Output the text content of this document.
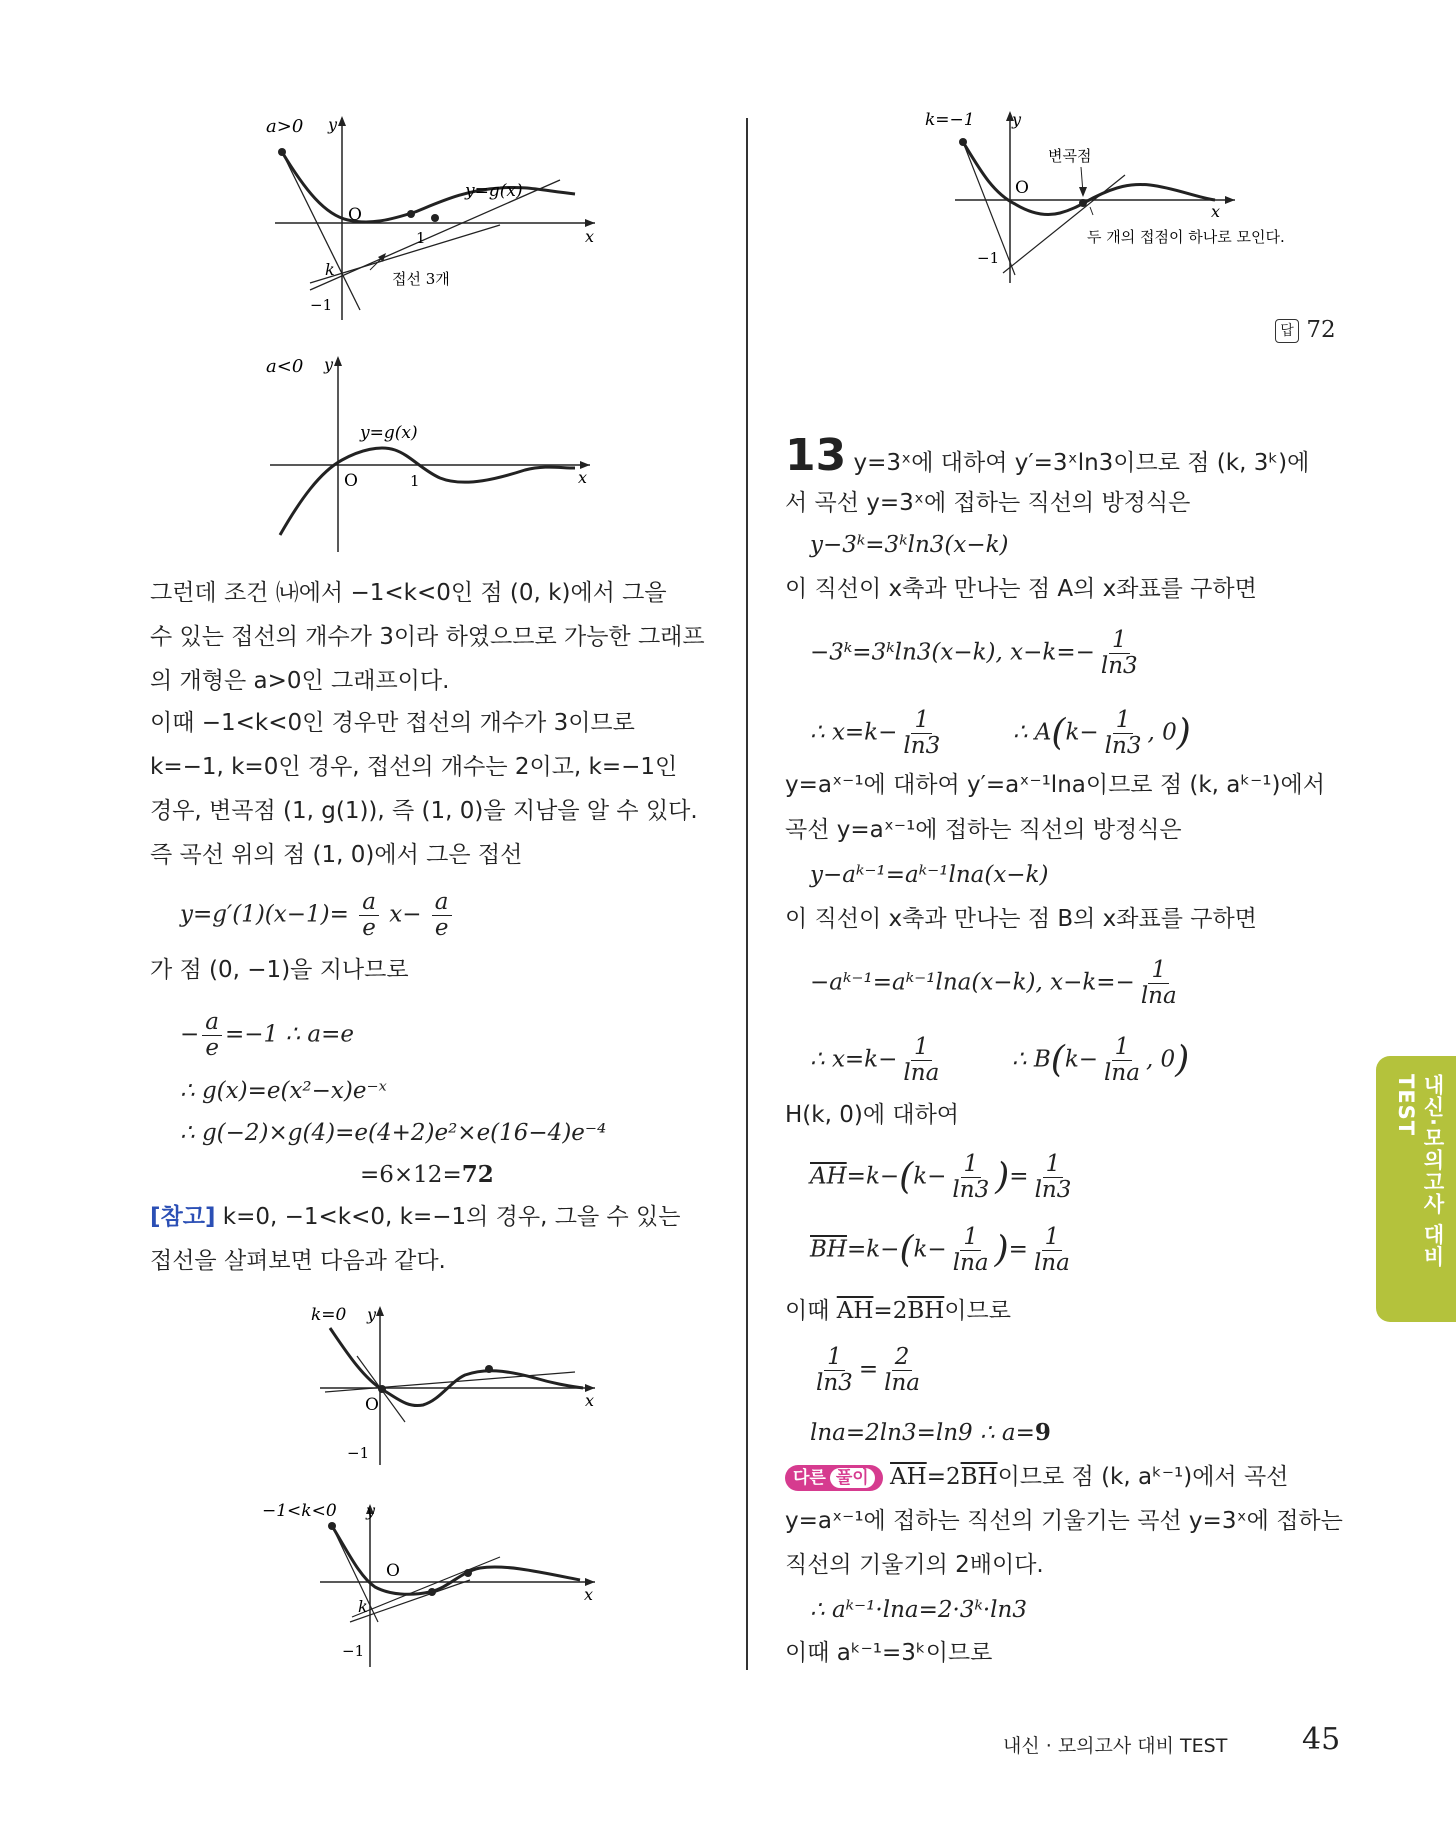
a>0 y
x
O
y=g(x)
1
k
−1
접선 3개
a<0 y
x
O
y=g(x)
1
k=0 y
x
O
−1
−1<k<0 y
x
O
k
−1
그런데 조건 ㈏에서 −1<k<0인 점 (0, k)에서 그을
수 있는 접선의 개수가 3이라 하였으므로 가능한 그래프
의 개형은 a>0인 그래프이다.
이때 −1<k<0인 경우만 접선의 개수가 3이므로
k=−1, k=0인 경우, 접선의 개수는 2이고, k=−1인
경우, 변곡점 (1, g(1)), 즉 (1, 0)을 지남을 알 수 있다.
즉 곡선 위의 점 (1, 0)에서 그은 접선
$y=g'(1)(x-1)= \frac{a}{e} x- \frac{a}{e}$
가 점 (0, −1)을 지나므로
− $\frac{a}{e} =-1$ ∴ a=e
∴ g(x)=e(x²−x)e⁻ˣ
∴ g(−2)×g(4)=e(4+2)e²×e(16−4)e⁻⁴
=6×12=72
[참고] k=0, −1<k<0, k=−1의 경우, 그을 수 있는
접선을 살펴보면 다음과 같다.
k=−1 y
x
O
−1
변곡점
두 개의 접점이 하나로 모인다.
답 72
13 y=3ˣ에 대하여 y′=3ˣln3이므로 점 (k, 3ᵏ)에
서 곡선 y=3ˣ에 접하는 직선의 방정식은
y−3ᵏ=3ᵏln3(x−k)
이 직선이 x축과 만나는 점 A의 x좌표를 구하면
−3ᵏ=3ᵏln3(x−k), $x-k=- \frac{1}{\ln 3}$
∴ $x=k- \frac{1}{\ln 3}$	∴ $A(k- \frac{1}{\ln 3}$ , 0)
y=aˣ⁻¹에 대하여 y′=aˣ⁻¹lna이므로 점 (k, aᵏ⁻¹)에서
곡선 y=aˣ⁻¹에 접하는 직선의 방정식은
y−aᵏ⁻¹=aᵏ⁻¹lna(x−k)
이 직선이 x축과 만나는 점 B의 x좌표를 구하면
−aᵏ⁻¹=aᵏ⁻¹lna(x−k), $x-k=- \frac{1}{\ln a}$
∴ $x=k- \frac{1}{\ln a}$	∴ $B(k- \frac{1}{\ln a}$ , 0)
H(k, 0)에 대하여
$\overline{AH}=k-(k- \frac{1}{\ln 3}$ )= $\frac{1}{\ln 3}$
$\overline{BH}=k-(k- \frac{1}{\ln a}$ )= $\frac{1}{\ln a}$
이때 $\overline{AH}=2\overline{BH}$이므로
$\frac{1}{\ln 3} = \frac{2}{\ln a}$
lna=2ln3=ln9 ∴ a=9
다른 풀이 $\overline{AH}=2\overline{BH}$이므로 점 (k, aᵏ⁻¹)에서 곡선
y=aˣ⁻¹에 접하는 직선의 기울기는 곡선 y=3ˣ에 접하는
직선의 기울기의 2배이다.
∴ aᵏ⁻¹·lna=2·3ᵏ·ln3
이때 aᵏ⁻¹=3ᵏ이므로
내신·모의고사 대비 TEST
내신 · 모의고사 대비 TEST 45
